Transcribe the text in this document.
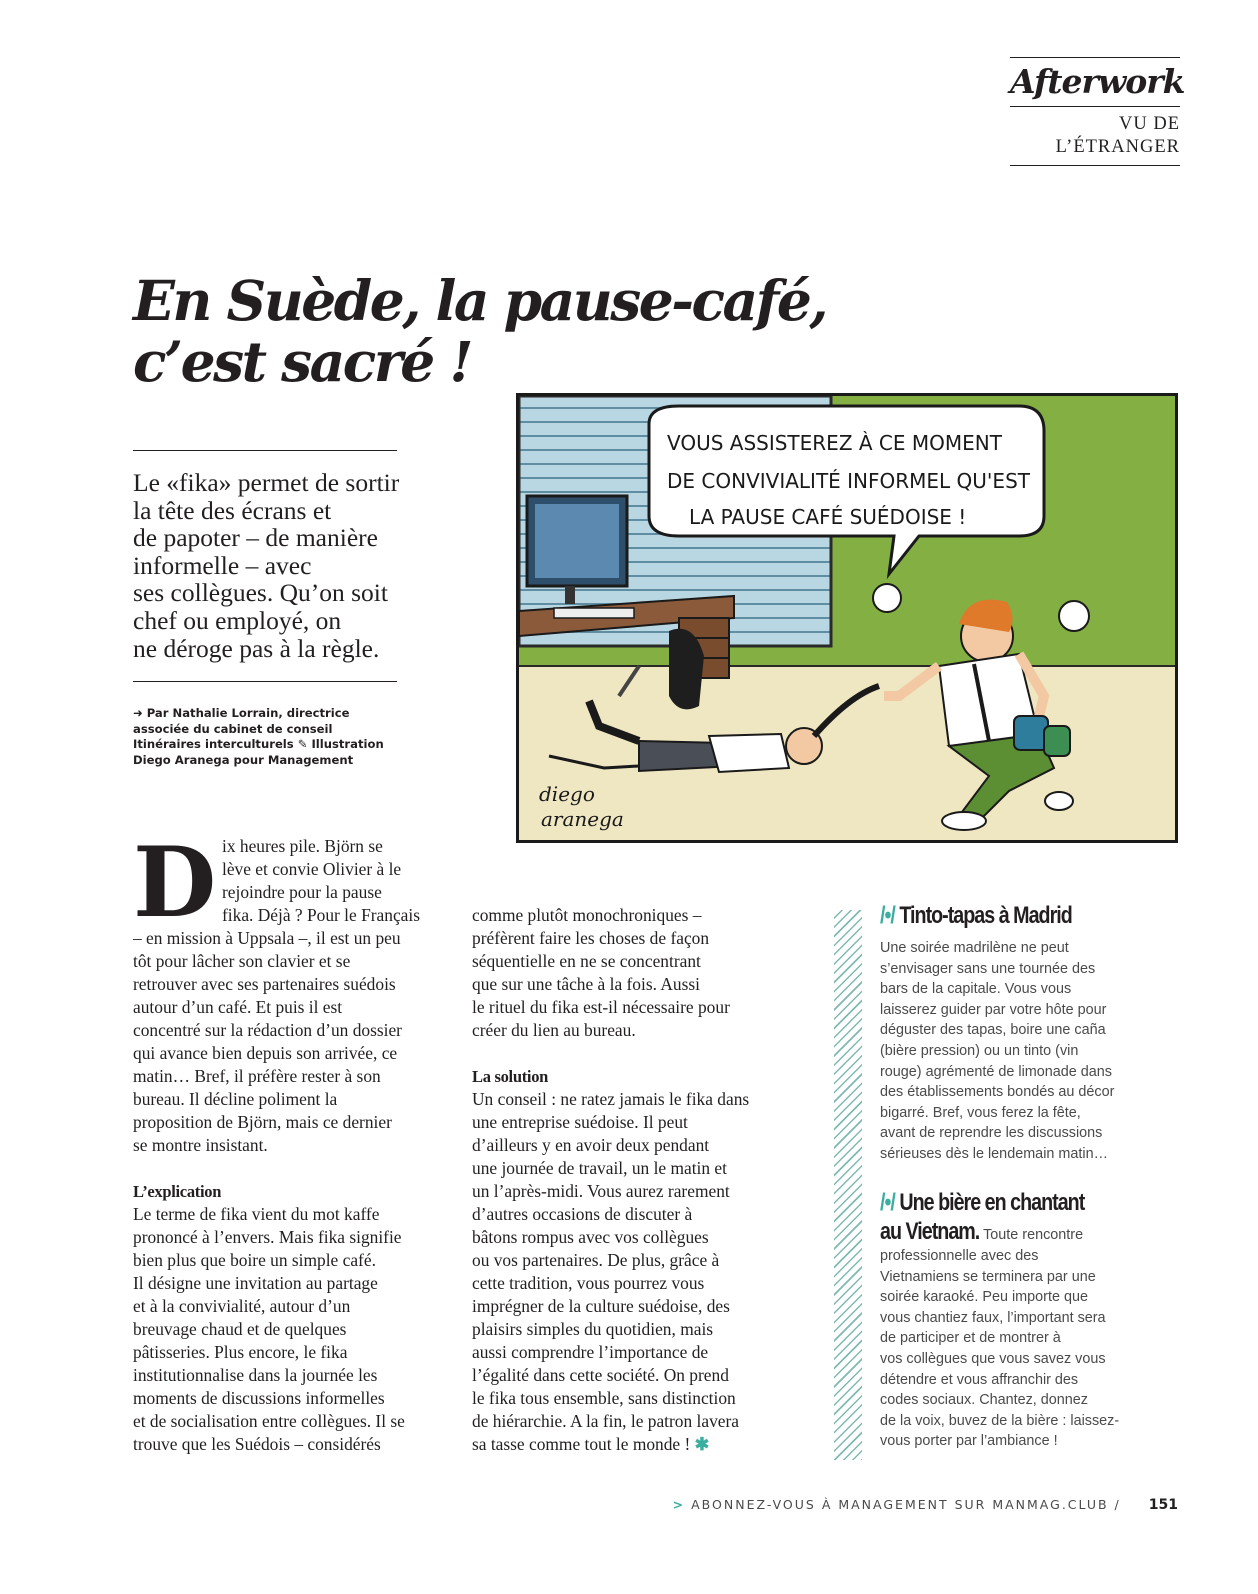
Afterwork
VU DE
L’ÉTRANGER
En Suède, la pause-café,
c’est sacré !
Le «fika» permet de sortir
la tête des écrans et
de papoter – de manière
informelle – avec
ses collègues. Qu’on soit
chef ou employé, on
ne déroge pas à la règle.
➜ Par Nathalie Lorrain, directrice
associée du cabinet de conseil
Itinéraires interculturels ✎ Illustration
Diego Aranega pour Management
VOUS ASSISTEREZ À CE MOMENT
DE CONVIVIALITÉ INFORMEL QU'EST
LA PAUSE CAFÉ SUÉDOISE !
diego
aranega
D ix heures pile. Björn se
lève et convie Olivier à le
rejoindre pour la pause
fika. Déjà ? Pour le Français
– en mission à Uppsala –, il est un peu
tôt pour lâcher son clavier et se
retrouver avec ses partenaires suédois
autour d’un café. Et puis il est
concentré sur la rédaction d’un dossier
qui avance bien depuis son arrivée, ce
matin… Bref, il préfère rester à son
bureau. Il décline poliment la
proposition de Björn, mais ce dernier
se montre insistant.
L’explication
Le terme de fika vient du mot kaffe
prononcé à l’envers. Mais fika signifie
bien plus que boire un simple café.
Il désigne une invitation au partage
et à la convivialité, autour d’un
breuvage chaud et de quelques
pâtisseries. Plus encore, le fika
institutionnalise dans la journée les
moments de discussions informelles
et de socialisation entre collègues. Il se
trouve que les Suédois – considérés
comme plutôt monochroniques –
préfèrent faire les choses de façon
séquentielle en ne se concentrant
que sur une tâche à la fois. Aussi
le rituel du fika est-il nécessaire pour
créer du lien au bureau.
La solution
Un conseil : ne ratez jamais le fika dans
une entreprise suédoise. Il peut
d’ailleurs y en avoir deux pendant
une journée de travail, un le matin et
un l’après-midi. Vous aurez rarement
d’autres occasions de discuter à
bâtons rompus avec vos collègues
ou vos partenaires. De plus, grâce à
cette tradition, vous pourrez vous
imprégner de la culture suédoise, des
plaisirs simples du quotidien, mais
aussi comprendre l’importance de
l’égalité dans cette société. On prend
le fika tous ensemble, sans distinction
de hiérarchie. A la fin, le patron lavera
sa tasse comme tout le monde ! ✱
/•/ Tinto-tapas à Madrid
Une soirée madrilène ne peut
s’envisager sans une tournée des
bars de la capitale. Vous vous
laisserez guider par votre hôte pour
déguster des tapas, boire une caña
(bière pression) ou un tinto (vin
rouge) agrémenté de limonade dans
des établissements bondés au décor
bigarré. Bref, vous ferez la fête,
avant de reprendre les discussions
sérieuses dès le lendemain matin…
/•/ Une bière en chantant
au Vietnam. Toute rencontre
professionnelle avec des
Vietnamiens se terminera par une
soirée karaoké. Peu importe que
vous chantiez faux, l’important sera
de participer et de montrer à
vos collègues que vous savez vous
détendre et vous affranchir des
codes sociaux. Chantez, donnez
de la voix, buvez de la bière : laissez-
vous porter par l’ambiance !
> ABONNEZ-VOUS À MANAGEMENT SUR MANMAG.CLUB / 151
